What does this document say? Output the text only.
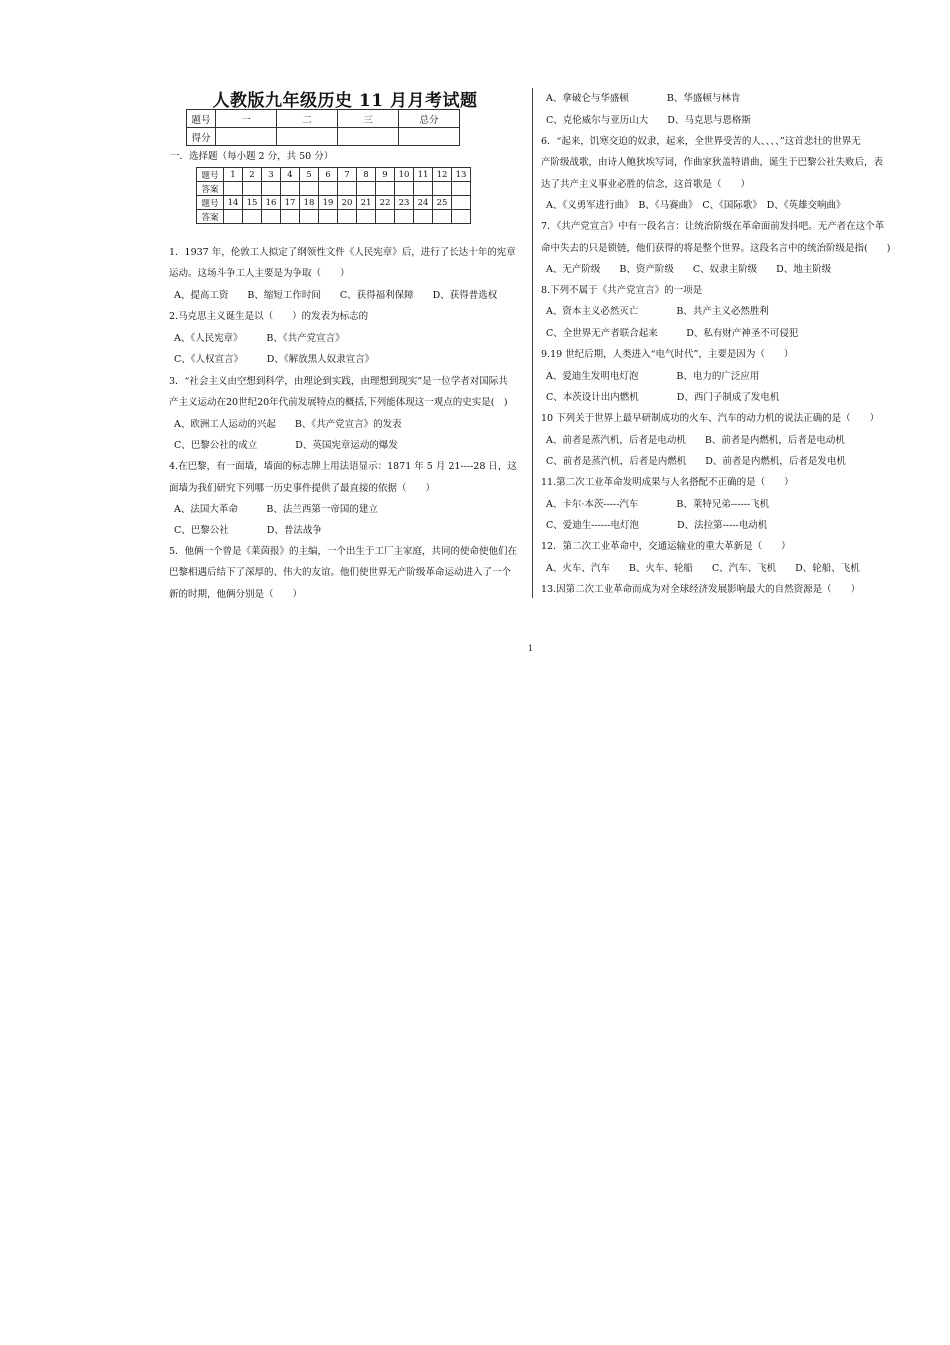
人教版九年级历史 11 月月考试题
题号	一	二	三	总分
得分				
一．选择题（每小题 2 分，共 50 分）
题号	1	2	3	4	5	6	7	8	9	10	11	12	13
答案													
题号	14	15	16	17	18	19	20	21	22	23	24	25	
答案													
1．1937 年，伦敦工人拟定了纲领性文件《人民宪章》后，进行了长达十年的宪章
运动。这场斗争工人主要是为争取（　　）
A、提高工资　　B、缩短工作时间　　C、获得福利保障　　D、获得普选权
2.马克思主义诞生是以（　　）的发表为标志的
A、《人民宪章》　　　B、《共产党宣言》
C、《人权宣言》　　　D、《解放黑人奴隶宣言》
3．“社会主义由空想到科学，由理论到实践，由理想到现实”是一位学者对国际共
产主义运动在20世纪20年代前发展特点的概括,下列能体现这一观点的史实是(　)
A、欧洲工人运动的兴起　　B、《共产党宣言》的发表
C、巴黎公社的成立　　　　D、英国宪章运动的爆发
4.在巴黎，有一面墙，墙面的标志牌上用法语显示：1871 年 5 月 21----28 日，这
面墙为我们研究下列哪一历史事件提供了最直接的依据（　　）
A、法国大革命　　　B、法兰西第一帝国的建立
C、巴黎公社　　　　D、普法战争
5．他俩一个曾是《莱茵报》的主编，一个出生于工厂主家庭，共同的使命使他们在
巴黎相遇后结下了深厚的、伟大的友谊。他们使世界无产阶级革命运动进入了一个
新的时期，他俩分别是（　　）
A、拿破仑与华盛顿　　　　B、华盛顿与林肯
C、克伦威尔与亚历山大　　D、马克思与恩格斯
6．“起来，饥寒交迫的奴隶，起来，全世界受苦的人、、、、”这首悲壮的世界无
产阶级战歌，由诗人鲍狄埃写词，作曲家狄盖特谱曲，诞生于巴黎公社失败后，表
达了共产主义事业必胜的信念，这首歌是（　　）
A、《义勇军进行曲》　B、《马赛曲》　C、《国际歌》　D、《英雄交响曲》
7．《共产党宣言》中有一段名言：让统治阶级在革命面前发抖吧。无产者在这个革
命中失去的只是锁链，他们获得的将是整个世界。这段名言中的统治阶级是指(　　)
A、无产阶级　　B、资产阶级　　C、奴隶主阶级　　D、地主阶级
8.下列不属于《共产党宣言》的一项是
A、资本主义必然灭亡　　　　B、共产主义必然胜利
C、全世界无产者联合起来　　　D、私有财产神圣不可侵犯
9.19 世纪后期，人类进入“电气时代”，主要是因为（　　）
A、爱迪生发明电灯泡　　　　B、电力的广泛应用
C、本茨设计出内燃机　　　　D、西门子制成了发电机
10 下列关于世界上最早研制成功的火车、汽车的动力机的说法正确的是（　　）
A、前者是蒸汽机，后者是电动机　　B、前者是内燃机，后者是电动机
C、前者是蒸汽机，后者是内燃机　　D、前者是内燃机，后者是发电机
11.第二次工业革命发明成果与人名搭配不正确的是（　　）
A、卡尔·本茨-----汽车　　　　B、莱特兄弟------飞机
C、爱迪生------电灯泡　　　　D、法拉第-----电动机
12．第二次工业革命中，交通运输业的重大革新是（　　）
A、火车、汽车　　B、火车、轮船　　C、汽车、飞机　　D、轮船、飞机
13.因第二次工业革命而成为对全球经济发展影响最大的自然资源是（　　）
1
